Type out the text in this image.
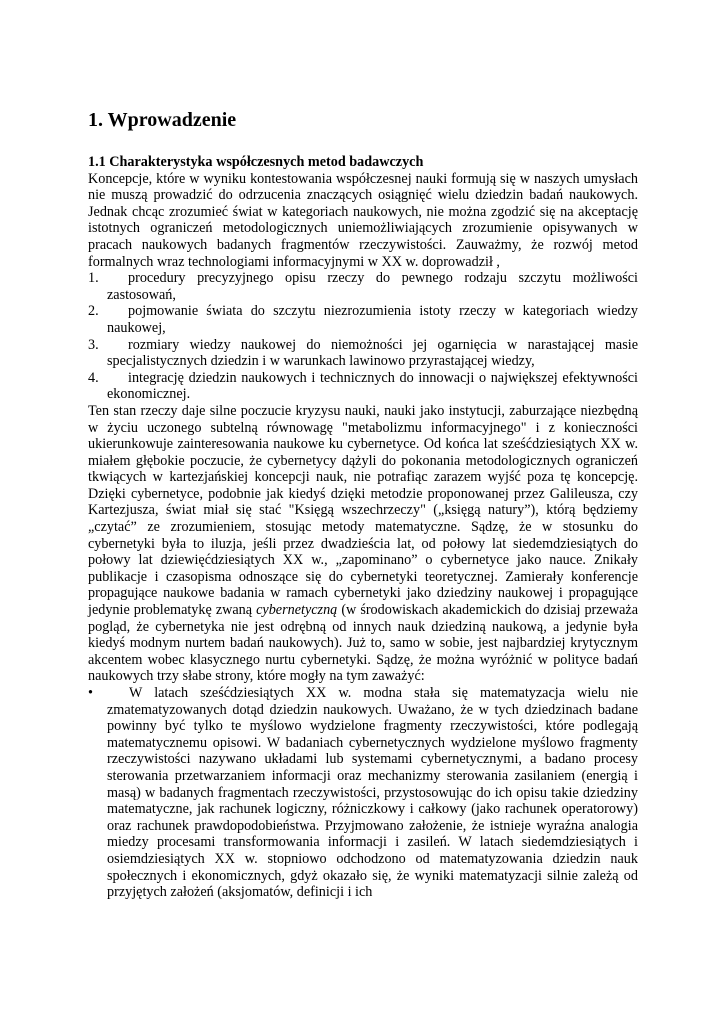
1. Wprowadzenie
1.1 Charakterystyka współczesnych metod badawczych

Koncepcje, które w wyniku kontestowania współczesnej nauki formują się w naszych umysłach nie muszą prowadzić do odrzucenia znaczących osiągnięć wielu dziedzin badań naukowych. Jednak chcąc zrozumieć świat w kategoriach naukowych, nie można zgodzić się na akceptację istotnych ograniczeń metodologicznych uniemożliwiających zrozumienie opisywanych w pracach naukowych badanych fragmentów rzeczywistości. Zauważmy, że rozwój metod formalnych wraz technologiami informacyjnymi w XX w. doprowadził ,

1. procedury precyzyjnego opisu rzeczy do pewnego rodzaju szczytu możliwości zastosowań,
2. pojmowanie świata do szczytu niezrozumienia istoty rzeczy w kategoriach wiedzy naukowej,
3. rozmiary wiedzy naukowej do niemożności jej ogarnięcia w narastającej masie specjalistycznych dziedzin i w warunkach lawinowo przyrastającej wiedzy,
4. integrację dziedzin naukowych i technicznych do innowacji o największej efektywności ekonomicznej.

Ten stan rzeczy daje silne poczucie kryzysu nauki, nauki jako instytucji, zaburzające niezbędną w życiu uczonego subtelną równowagę "metabolizmu informacyjnego" i z konieczności ukierunkowuje zainteresowania naukowe ku cybernetyce. Od końca lat sześćdziesiątych XX w. miałem głębokie poczucie, że cybernetycy dążyli do pokonania metodologicznych ograniczeń tkwiących w kartezjańskiej koncepcji nauk, nie potrafiąc zarazem wyjść poza tę koncepcję. Dzięki cybernetyce, podobnie jak kiedyś dzięki metodzie proponowanej przez Galileusza, czy Kartezjusza, świat miał się stać "Księgą wszechrzeczy" („księgą natury”), którą będziemy „czytać” ze zrozumieniem, stosując metody matematyczne. Sądzę, że w stosunku do cybernetyki była to iluzja, jeśli przez dwadzieścia lat, od połowy lat siedemdziesiątych do połowy lat dziewięćdziesiątych XX w., „zapominano” o cybernetyce jako nauce. Znikały publikacje i czasopisma odnoszące się do cybernetyki teoretycznej. Zamierały konferencje propagujące naukowe badania w ramach cybernetyki jako dziedziny naukowej i propagujące jedynie problematykę zwaną cybernetyczną (w środowiskach akademickich do dzisiaj przeważa pogląd, że cybernetyka nie jest odrębną od innych nauk dziedziną naukową, a jedynie była kiedyś modnym nurtem badań naukowych). Już to, samo w sobie, jest najbardziej krytycznym akcentem wobec klasycznego nurtu cybernetyki. Sądzę, że można wyróżnić w polityce badań naukowych trzy słabe strony, które mogły na tym zaważyć:

•	W latach sześćdziesiątych XX w. modna stała się matematyzacja wielu nie zmatematyzowanych dotąd dziedzin naukowych. Uważano, że w tych dziedzinach badane powinny być tylko te myślowo wydzielone fragmenty rzeczywistości, które podlegają matematycznemu opisowi. W badaniach cybernetycznych wydzielone myślowo fragmenty rzeczywistości nazywano układami lub systemami cybernetycznymi, a badano procesy sterowania przetwarzaniem informacji oraz mechanizmy sterowania zasilaniem (energią i masą) w badanych fragmentach rzeczywistości, przystosowując do ich opisu takie dziedziny matematyczne, jak rachunek logiczny, różniczkowy i całkowy (jako rachunek operatorowy) oraz rachunek prawdopodobieństwa. Przyjmowano założenie, że istnieje wyraźna analogia miedzy procesami transformowania informacji i zasileń. W latach siedemdziesiątych i osiemdziesiątych XX w. stopniowo odchodzono od matematyzowania dziedzin nauk społecznych i ekonomicznych, gdyż okazało się, że wyniki matematyzacji silnie zależą od przyjętych założeń (aksjomatów, definicji i ich
